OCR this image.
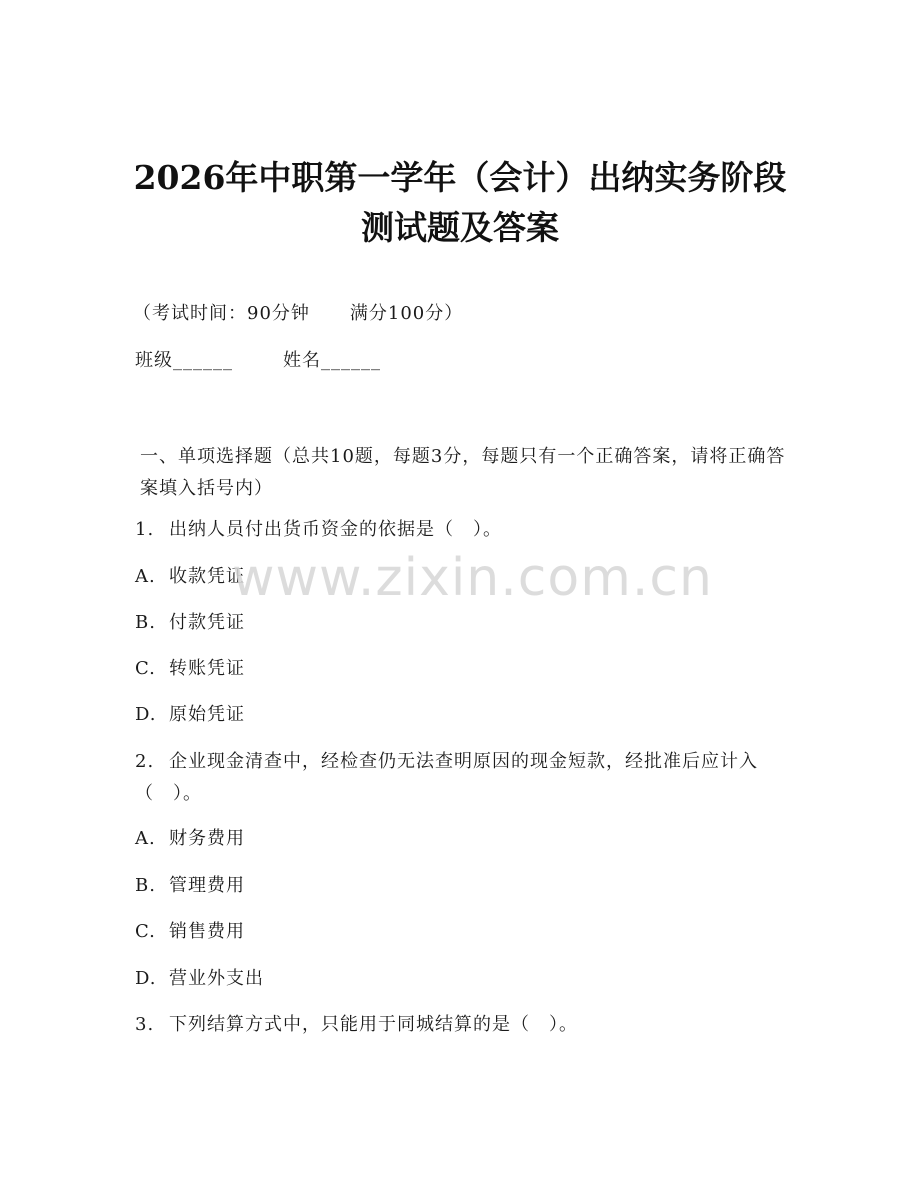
2026年中职第一学年（会计）出纳实务阶段
测试题及答案
（考试时间：90分钟 满分100分）
班级______	姓名______
一、单项选择题（总共10题，每题3分，每题只有一个正确答案，请将正确答案填入括号内）
1. 出纳人员付出货币资金的依据是（　）。
A. 收款凭证
B. 付款凭证
C. 转账凭证
D. 原始凭证
2. 企业现金清查中，经检查仍无法查明原因的现金短款，经批准后应计入（　）。
A. 财务费用
B. 管理费用
C. 销售费用
D. 营业外支出
3. 下列结算方式中，只能用于同城结算的是（　）。
www.zixin.com.cn
